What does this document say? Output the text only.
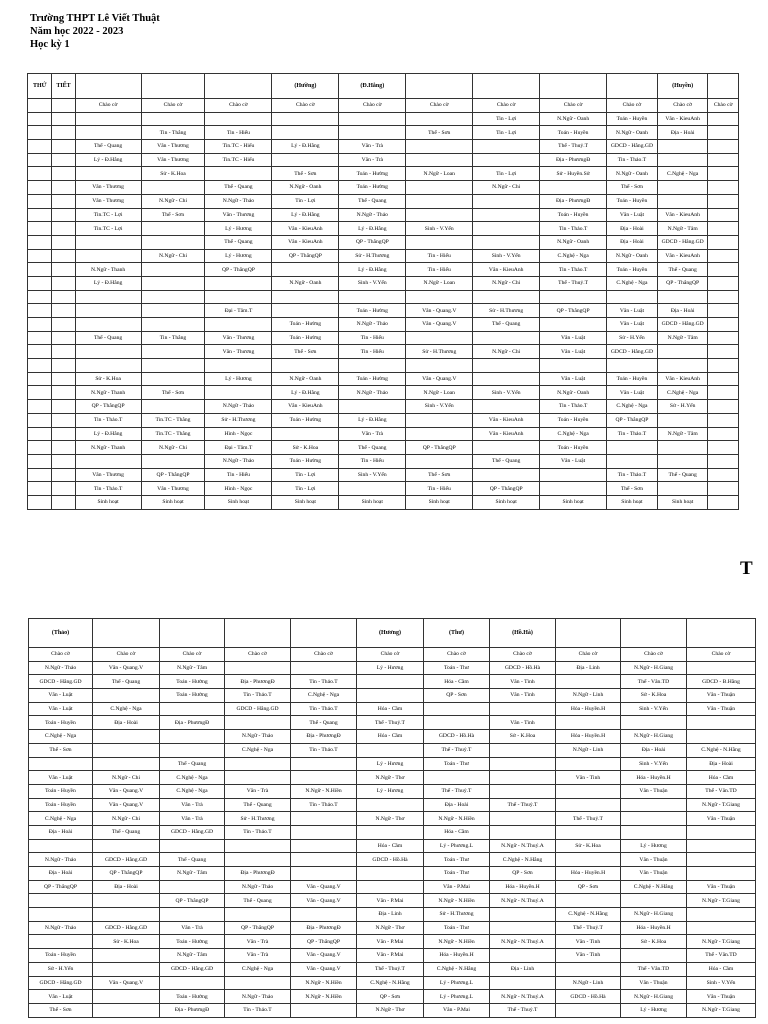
Trường THPT Lê Viết Thuật
Năm học 2022 - 2023
Học kỳ 1
THỨ	TIẾT				(Hường)	(Đ.Hằng)					(Huyền)	
		Chào cờ	Chào cờ	Chào cờ	Chào cờ	Chào cờ	Chào cờ	Chào cờ	Chào cờ	Chào cờ	Chào cờ	Chào cờ
								Tin - Lợi	N.Ngữ - Oanh	Toán - Huyền	Văn - KieuAnh	
			Tin - Thắng	Tin - Hiếu			Thể - Sơn	Tin - Lợi	Toán - Huyền	N.Ngữ - Oanh	Địa - Hoài	
		Thể - Quang	Văn - Thương	Tin.TC - Hiếu	Lý - Đ.Hằng	Văn - Trà			Thể - Thuỷ.T	GDCD - Hằng.GD		
		Lý - Đ.Hằng	Văn - Thương	Tin.TC - Hiếu		Văn - Trà			Địa - PhươngĐ	Tin - Thảo.T		
			Sử - K.Hoa		Thể - Sơn	Toán - Hường	N.Ngữ - Loan	Tin - Lợi	Sử - Huyền.Sử	N.Ngữ - Oanh	C.Nghệ - Nga	
		Văn - Thương		Thể - Quang	N.Ngữ - Oanh	Toán - Hường		N.Ngữ - Chi		Thể - Sơn		
		Văn - Thương	N.Ngữ - Chi	N.Ngữ - Thảo	Tin - Lợi	Thể - Quang			Địa - PhươngĐ	Toán - Huyền		
		Tin.TC - Lợi	Thể - Sơn	Văn - Thương	Lý - Đ.Hằng	N.Ngữ - Thảo			Toán - Huyền	Văn - Luật	Văn - KieuAnh	
		Tin.TC - Lợi		Lý - Hương	Văn - KieuAnh	Lý - Đ.Hằng	Sinh - V.Yến		Tin - Thảo.T	Địa - Hoài	N.Ngữ - Tâm	
				Thể - Quang	Văn - KieuAnh	QP - ThắngQP			N.Ngữ - Oanh	Địa - Hoài	GDCD - Hằng.GD	
			N.Ngữ - Chi	Lý - Hương	QP - ThắngQP	Sử - H.Thương	Tin - Hiếu	Sinh - V.Yến	C.Nghệ - Nga	N.Ngữ - Oanh	Văn - KieuAnh	
		N.Ngữ - Thanh		QP - ThắngQP		Lý - Đ.Hằng	Tin - Hiếu	Văn - KieuAnh	Tin - Thảo.T	Toán - Huyền	Thể - Quang	
		Lý - Đ.Hằng			N.Ngữ - Oanh	Sinh - V.Yến	N.Ngữ - Loan	N.Ngữ - Chi	Thể - Thuỷ.T	C.Nghệ - Nga	QP - ThắngQP	

				Đại - Tâm.T		Toán - Hường	Văn - Quang.V	Sử - H.Thương	QP - ThắngQP	Văn - Luật	Địa - Hoài	
					Toán - Hường	N.Ngữ - Thảo	Văn - Quang.V	Thể - Quang		Văn - Luật	GDCD - Hằng.GD	
		Thể - Quang	Tin - Thắng	Văn - Thương	Toán - Hường	Tin - Hiếu			Văn - Luật	Sử - H.Yến	N.Ngữ - Tâm	
				Văn - Thương	Thể - Sơn	Tin - Hiếu	Sử - H.Thương	N.Ngữ - Chi	Văn - Luật	GDCD - Hằng.GD		

		Sử - K.Hoa		Lý - Hương	N.Ngữ - Oanh	Toán - Hường	Văn - Quang.V		Văn - Luật	Toán - Huyền	Văn - KieuAnh	
		N.Ngữ - Thanh	Thể - Sơn		Lý - Đ.Hằng	N.Ngữ - Thảo	N.Ngữ - Loan	Sinh - V.Yến	N.Ngữ - Oanh	Văn - Luật	C.Nghệ - Nga	
		QP - ThắngQP		N.Ngữ - Thảo	Văn - KieuAnh		Sinh - V.Yến		Tin - Thảo.T	C.Nghệ - Nga	Sử - H.Yến	
		Tin - Thảo.T	Tin.TC - Thắng	Sử - H.Thương	Toán - Hường	Lý - Đ.Hằng		Văn - KieuAnh	Toán - Huyền	QP - ThắngQP		
		Lý - Đ.Hằng	Tin.TC - Thắng	Hình - Ngọc		Văn - Trà		Văn - KieuAnh	C.Nghệ - Nga	Tin - Thảo.T	N.Ngữ - Tâm	
		N.Ngữ - Thanh	N.Ngữ - Chi	Đại - Tâm.T	Sử - K.Hoa	Thể - Quang	QP - ThắngQP		Toán - Huyền			
				N.Ngữ - Thảo	Toán - Hường	Tin - Hiếu		Thể - Quang	Văn - Luật			
		Văn - Thương	QP - ThắngQP	Tin - Hiếu	Tin - Lợi	Sinh - V.Yến	Thể - Sơn			Tin - Thảo.T	Thể - Quang	
		Tin - Thảo.T	Văn - Thương	Hình - Ngọc	Tin - Lợi		Tin - Hiếu	QP - ThắngQP		Thể - Sơn		
		Sinh hoạt	Sinh hoạt	Sinh hoạt	Sinh hoạt	Sinh hoạt	Sinh hoạt	Sinh hoạt	Sinh hoạt	Sinh hoạt	Sinh hoạt	
T
(Thảo)					(Hương)	(Thư)	(Hồ.Hà)			
Chào cờ	Chào cờ	Chào cờ	Chào cờ	Chào cờ	Chào cờ	Chào cờ	Chào cờ	Chào cờ	Chào cờ	Chào cờ
N.Ngữ - Thảo	Văn - Quang.V	N.Ngữ - Tâm			Lý - Hương	Toán - Thư	GDCD - Hồ.Hà	Địa - Linh	N.Ngữ - H.Giang	
GDCD - Hằng.GD	Thể - Quang	Toán - Hường	Địa - PhươngĐ	Tin - Thảo.T		Hóa - Cầm	Văn - Tình		Thể - Văn.TD	GDCD - B.Hằng
Văn - Luật		Toán - Hường	Tin - Thảo.T	C.Nghệ - Nga		QP - Sơn	Văn - Tình	N.Ngữ - Linh	Sử - K.Hoa	Văn - Thuận
Văn - Luật	C.Nghệ - Nga		GDCD - Hằng.GD	Tin - Thảo.T	Hóa - Cầm			Hóa - Huyền.H	Sinh - V.Yến	Văn - Thuận
Toán - Huyền	Địa - Hoài	Địa - PhươngĐ		Thể - Quang	Thể - Thuỷ.T		Văn - Tình			
C.Nghệ - Nga			N.Ngữ - Thảo	Địa - PhươngĐ	Hóa - Cầm	GDCD - Hồ.Hà	Sử - K.Hoa	Hóa - Huyền.H	N.Ngữ - H.Giang	
Thể - Sơn			C.Nghệ - Nga	Tin - Thảo.T		Thể - Thuỷ.T		N.Ngữ - Linh	Địa - Hoài	C.Nghệ - N.Hằng
		Thể - Quang			Lý - Hương	Toán - Thư			Sinh - V.Yến	Địa - Hoài
Văn - Luật	N.Ngữ - Chi	C.Nghệ - Nga			N.Ngữ - Thơ			Văn - Tình	Hóa - Huyền.H	Hóa - Cầm
Toán - Huyền	Văn - Quang.V	C.Nghệ - Nga	Văn - Trà	N.Ngữ - N.Hiền	Lý - Hương	Thể - Thuỷ.T			Văn - Thuận	Thể - Văn.TD
Toán - Huyền	Văn - Quang.V	Văn - Trà	Thể - Quang	Tin - Thảo.T		Địa - Hoài	Thể - Thuỷ.T			N.Ngữ - T.Giang
C.Nghệ - Nga	N.Ngữ - Chi	Văn - Trà	Sử - H.Thương		N.Ngữ - Thơ	N.Ngữ - N.Hiền		Thể - Thuỷ.T		Văn - Thuận
Địa - Hoài	Thể - Quang	GDCD - Hằng.GD	Tin - Thảo.T			Hóa - Cầm				
					Hóa - Cầm	Lý - Phương.L	N.Ngữ - N.Thuý.A	Sử - K.Hoa	Lý - Hương	
N.Ngữ - Thảo	GDCD - Hằng.GD	Thể - Quang			GDCD - Hồ.Hà	Toán - Thư	C.Nghệ - N.Hằng		Văn - Thuận	
Địa - Hoài	QP - ThắngQP	N.Ngữ - Tâm	Địa - PhươngĐ			Toán - Thư	QP - Sơn	Hóa - Huyền.H	Văn - Thuận	
QP - ThắngQP	Địa - Hoài		N.Ngữ - Thảo	Văn - Quang.V		Văn - P.Mai	Hóa - Huyền.H	QP - Sơn	C.Nghệ - N.Hằng	Văn - Thuận
		QP - ThắngQP	Thể - Quang	Văn - Quang.V	Văn - P.Mai	N.Ngữ - N.Hiền	N.Ngữ - N.Thuý.A			N.Ngữ - T.Giang
					Địa - Linh	Sử - H.Thương		C.Nghệ - N.Hằng	N.Ngữ - H.Giang	
N.Ngữ - Thảo	GDCD - Hằng.GD	Văn - Trà	QP - ThắngQP	Địa - PhươngĐ	N.Ngữ - Thơ	Toán - Thư		Thể - Thuỷ.T	Hóa - Huyền.H	
	Sử - K.Hoa	Toán - Hường	Văn - Trà	QP - ThắngQP	Văn - P.Mai	N.Ngữ - N.Hiền	N.Ngữ - N.Thuý.A	Văn - Tình	Sử - K.Hoa	N.Ngữ - T.Giang
Toán - Huyền		N.Ngữ - Tâm	Văn - Trà	Văn - Quang.V	Văn - P.Mai	Hóa - Huyền.H		Văn - Tình		Thể - Văn.TD
Sử - H.Yến		GDCD - Hằng.GD	C.Nghệ - Nga	Văn - Quang.V	Thể - Thuỷ.T	C.Nghệ - N.Hằng	Địa - Linh		Thể - Văn.TD	Hóa - Cầm
GDCD - Hằng.GD	Văn - Quang.V			N.Ngữ - N.Hiền	C.Nghệ - N.Hằng	Lý - Phương.L		N.Ngữ - Linh	Văn - Thuận	Sinh - V.Yến
Văn - Luật		Toán - Hường	N.Ngữ - Thảo	N.Ngữ - N.Hiền	QP - Sơn	Lý - Phương.L	N.Ngữ - N.Thuý.A	GDCD - Hồ.Hà	N.Ngữ - H.Giang	Văn - Thuận
Thể - Sơn		Địa - PhươngĐ	Tin - Thảo.T		N.Ngữ - Thơ	Văn - P.Mai	Thể - Thuỷ.T		Lý - Hương	N.Ngữ - T.Giang
